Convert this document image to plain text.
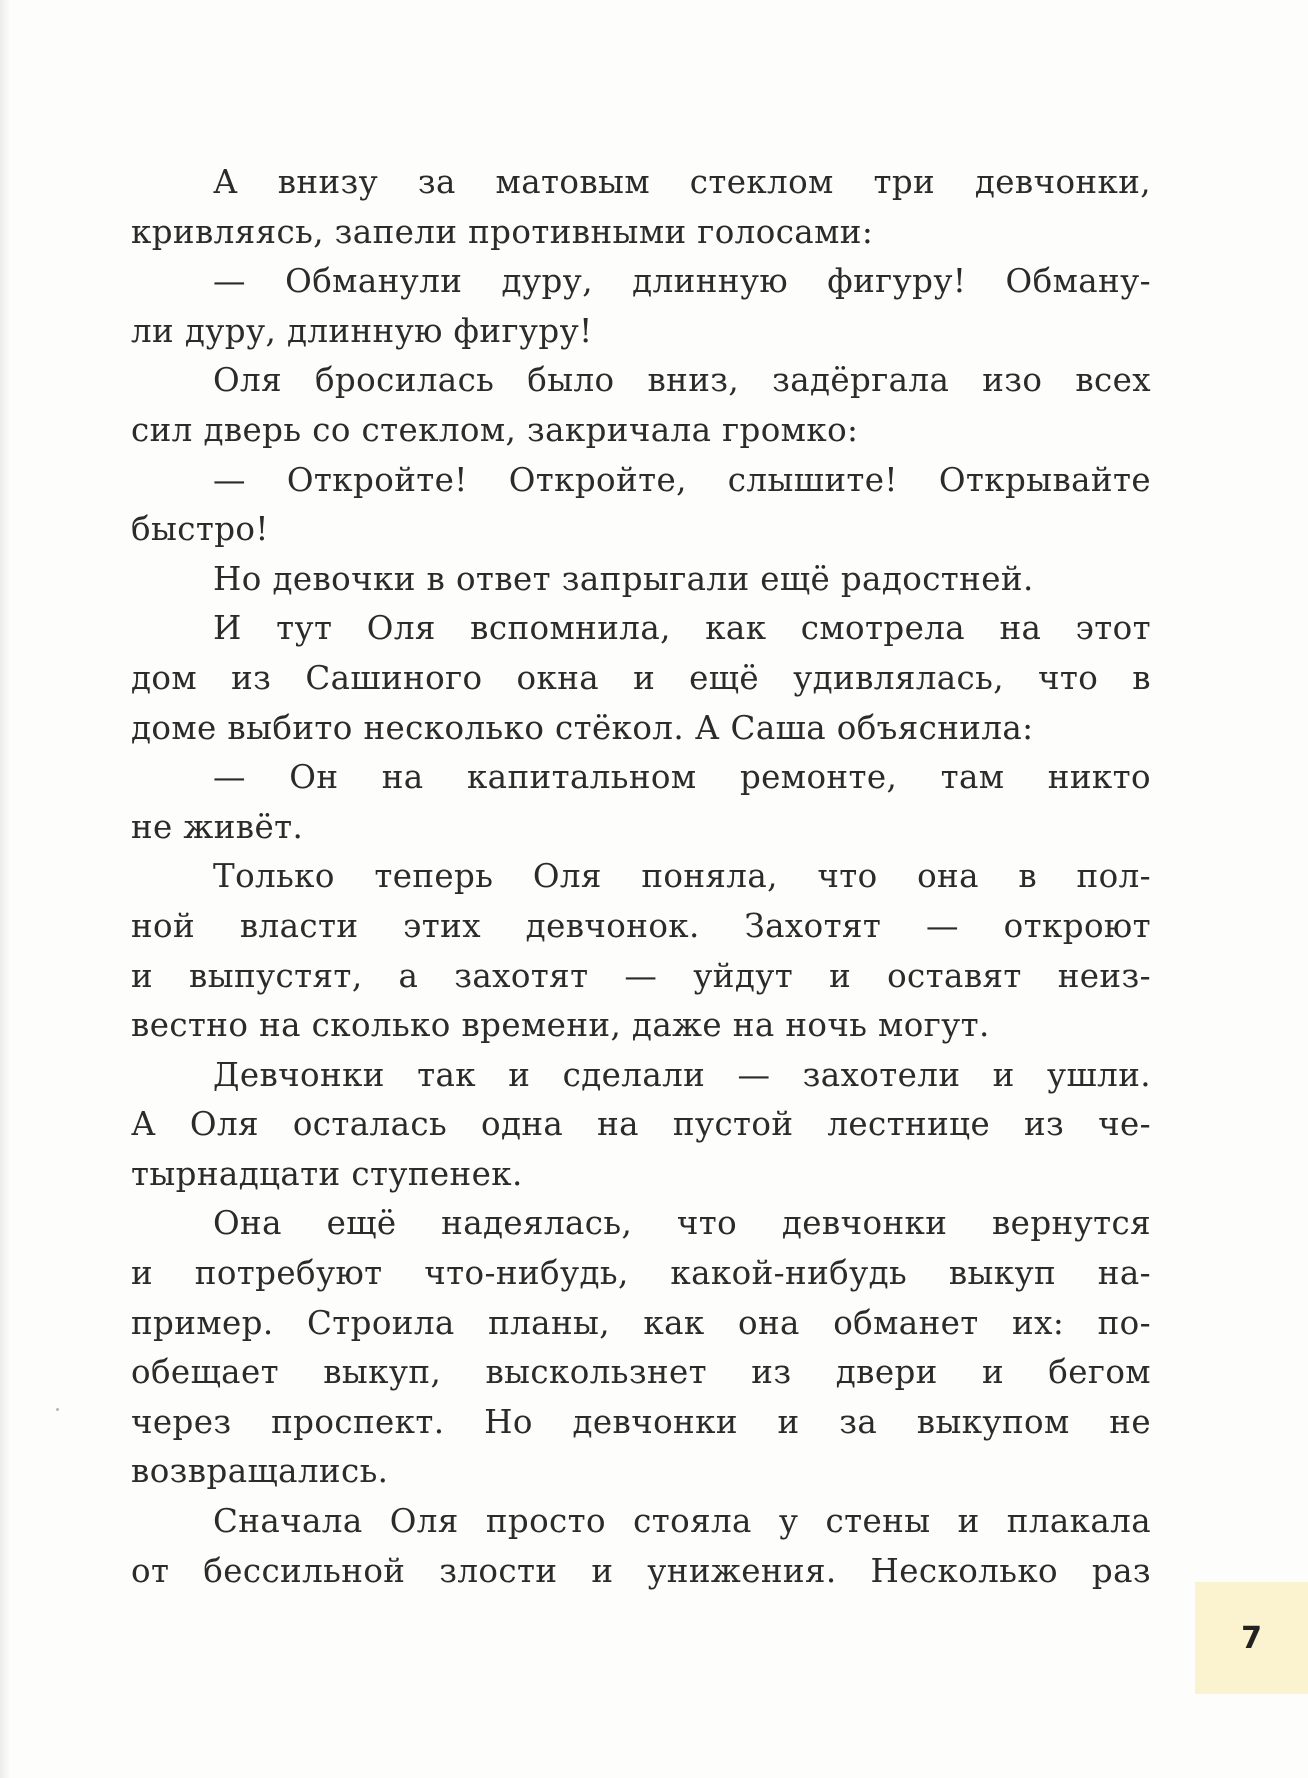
А внизу за матовым стеклом три девчонки,
кривляясь, запели противными голосами:
— Обманули дуру, длинную фигуру! Обману-
ли дуру, длинную фигуру!
Оля бросилась было вниз, задёргала изо всех
сил дверь со стеклом, закричала громко:
— Откройте! Откройте, слышите! Открывайте
быстро!
Но девочки в ответ запрыгали ещё радостней.
И тут Оля вспомнила, как смотрела на этот
дом из Сашиного окна и ещё удивлялась, что в
доме выбито несколько стёкол. А Саша объяснила:
— Он на капитальном ремонте, там никто
не живёт.
Только теперь Оля поняла, что она в пол-
ной власти этих девчонок. Захотят — откроют
и выпустят, а захотят — уйдут и оставят неиз-
вестно на сколько времени, даже на ночь могут.
Девчонки так и сделали — захотели и ушли.
А Оля осталась одна на пустой лестнице из че-
тырнадцати ступенек.
Она ещё надеялась, что девчонки вернутся
и потребуют что-нибудь, какой-нибудь выкуп на-
пример. Строила планы, как она обманет их: по-
обещает выкуп, выскользнет из двери и бегом
через проспект. Но девчонки и за выкупом не
возвращались.
Сначала Оля просто стояла у стены и плакала
от бессильной злости и унижения. Несколько раз
7
